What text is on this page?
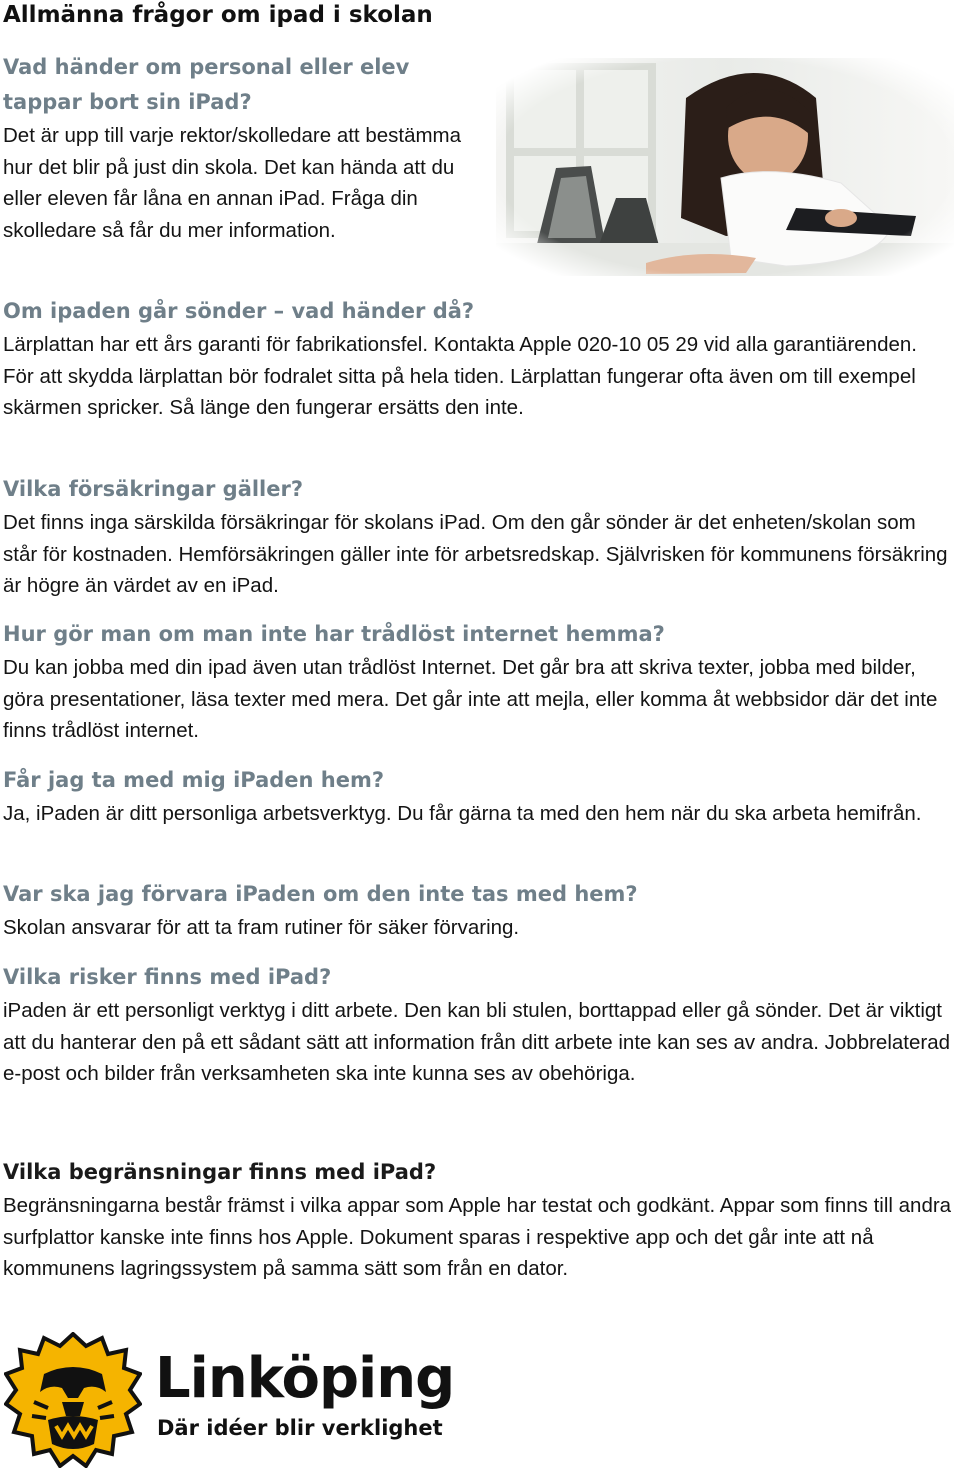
Allmänna frågor om ipad i skolan
Vad händer om personal eller elev tappar bort sin iPad?

Det är upp till varje rektor/skolledare att bestämma hur det blir på just din skola. Det kan hända att du eller eleven får låna en annan iPad. Fråga din skolledare så får du mer information.

Om ipaden går sönder – vad händer då?

Lärplattan har ett års garanti för fabrikationsfel. Kontakta Apple 020-10 05 29 vid alla garantiärenden. För att skydda lärplattan bör fodralet sitta på hela tiden. Lärplattan fungerar ofta även om till exempel skärmen spricker. Så länge den fungerar ersätts den inte.

Vilka försäkringar gäller?

Det finns inga särskilda försäkringar för skolans iPad. Om den går sönder är det enheten/skolan som står för kostnaden. Hemförsäkringen gäller inte för arbetsredskap. Självrisken för kommunens försäkring är högre än värdet av en iPad.

Hur gör man om man inte har trådlöst internet hemma?

Du kan jobba med din ipad även utan trådlöst Internet. Det går bra att skriva texter, jobba med bilder, göra presentationer, läsa texter med mera. Det går inte att mejla, eller komma åt webbsidor där det inte finns trådlöst internet.

Får jag ta med mig iPaden hem?

Ja, iPaden är ditt personliga arbetsverktyg. Du får gärna ta med den hem när du ska arbeta hemifrån.

Var ska jag förvara iPaden om den inte tas med hem?

Skolan ansvarar för att ta fram rutiner för säker förvaring.

Vilka risker finns med iPad?

iPaden är ett personligt verktyg i ditt arbete. Den kan bli stulen, borttappad eller gå sönder. Det är viktigt att du hanterar den på ett sådant sätt att information från ditt arbete inte kan ses av andra. Jobbrelaterad e-post och bilder från verksamheten ska inte kunna ses av obehöriga.

Vilka begränsningar finns med iPad?

Begränsningarna består främst i vilka appar som Apple har testat och godkänt. Appar som finns till andra surfplattor kanske inte finns hos Apple. Dokument sparas i respektive app och det går inte att nå kommunens lagringssystem på samma sätt som från en dator.

Linköping
Där idéer blir verklighet
